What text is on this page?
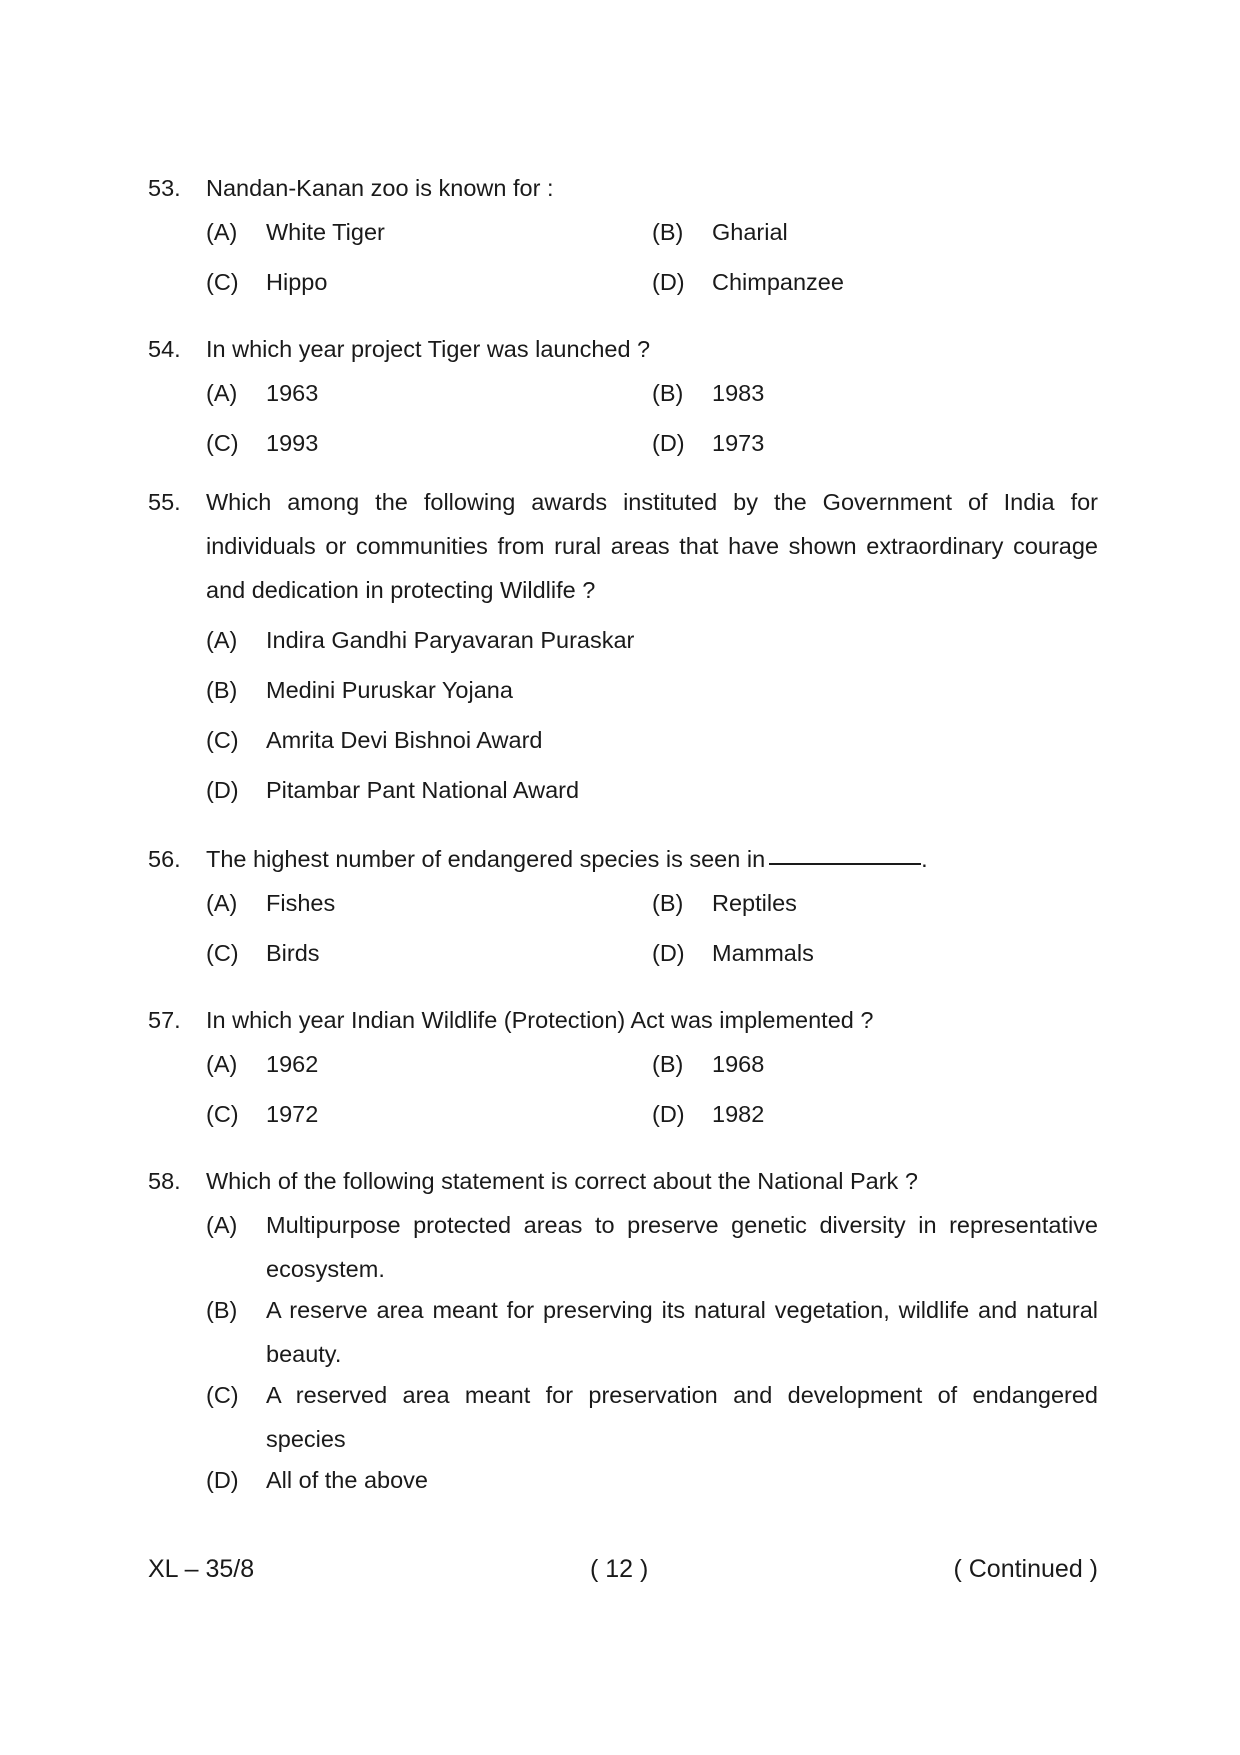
53.	Nandan-Kanan zoo is known for :
(A)	White Tiger	(B)	Gharial
(C)	Hippo	(D)	Chimpanzee
54.	In which year project Tiger was launched ?
(A)	1963	(B)	1983
(C)	1993	(D)	1973
55.	Which among the following awards instituted by the Government of India for individuals or communities from rural areas that have shown extraordinary courage and dedication in protecting Wildlife ?
(A)	Indira Gandhi Paryavaran Puraskar
(B)	Medini Puruskar Yojana
(C)	Amrita Devi Bishnoi Award
(D)	Pitambar Pant National Award
56.	The highest number of endangered species is seen in	.
(A)	Fishes	(B)	Reptiles
(C)	Birds	(D)	Mammals
57.	In which year Indian Wildlife (Protection) Act was implemented ?
(A)	1962	(B)	1968
(C)	1972	(D)	1982
58.	Which of the following statement is correct about the National Park ?
(A)	Multipurpose protected areas to preserve genetic diversity in representative ecosystem.
(B)	A reserve area meant for preserving its natural vegetation, wildlife and natural beauty.
(C)	A reserved area meant for preservation and development of endangered species
(D)	All of the above
XL – 35/8	( 12 )	( Continued )
